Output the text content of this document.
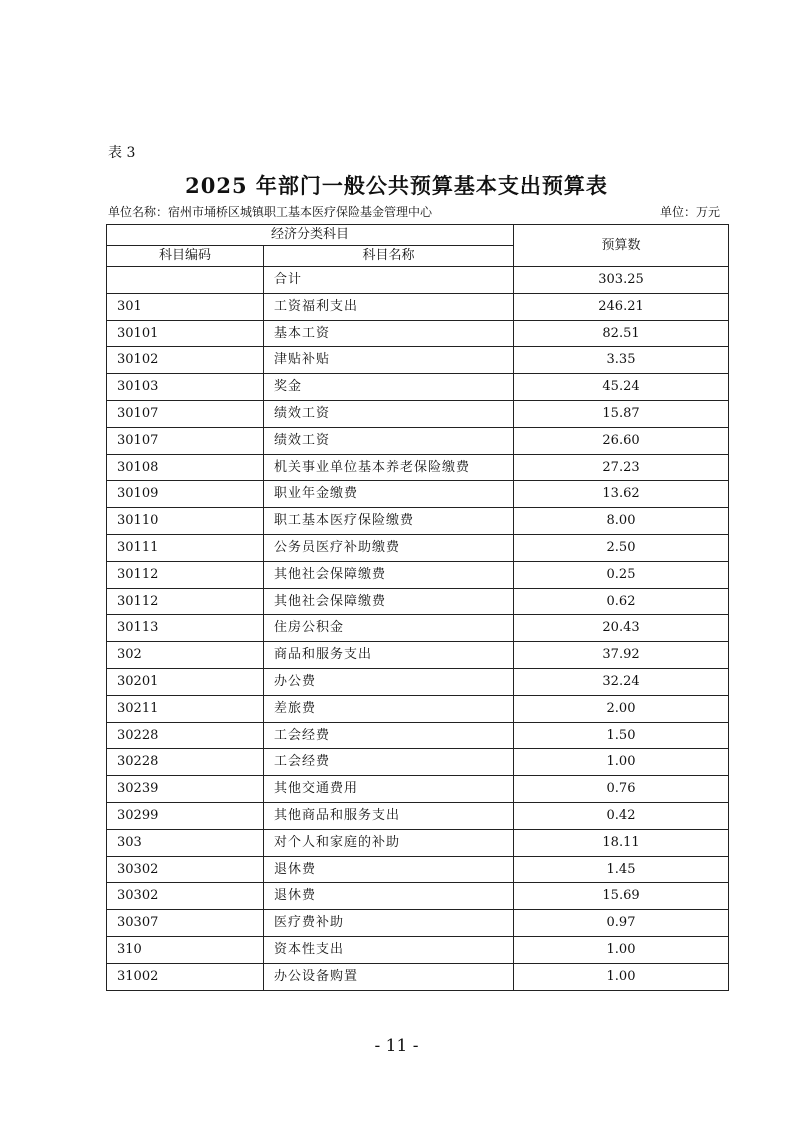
表 3
2025 年部门一般公共预算基本支出预算表
单位名称：宿州市埇桥区城镇职工基本医疗保险基金管理中心	单位：万元
经济分类科目		预算数
科目编码	科目名称	
	合计	303.25
301	工资福利支出	246.21
30101	基本工资	82.51
30102	津贴补贴	3.35
30103	奖金	45.24
30107	绩效工资	15.87
30107	绩效工资	26.60
30108	机关事业单位基本养老保险缴费	27.23
30109	职业年金缴费	13.62
30110	职工基本医疗保险缴费	8.00
30111	公务员医疗补助缴费	2.50
30112	其他社会保障缴费	0.25
30112	其他社会保障缴费	0.62
30113	住房公积金	20.43
302	商品和服务支出	37.92
30201	办公费	32.24
30211	差旅费	2.00
30228	工会经费	1.50
30228	工会经费	1.00
30239	其他交通费用	0.76
30299	其他商品和服务支出	0.42
303	对个人和家庭的补助	18.11
30302	退休费	1.45
30302	退休费	15.69
30307	医疗费补助	0.97
310	资本性支出	1.00
31002	办公设备购置	1.00
- 11 -
